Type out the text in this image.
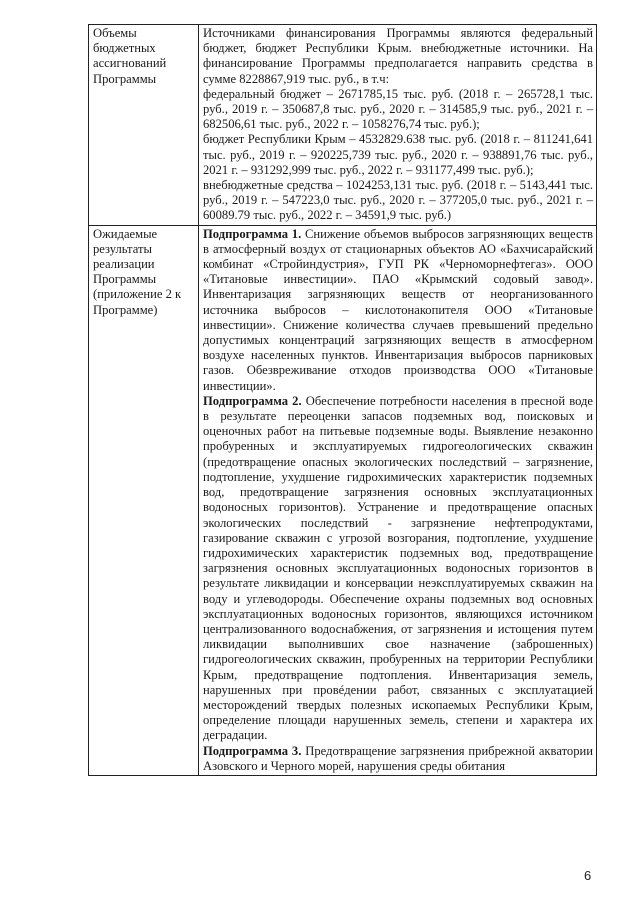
Объемы бюджетных ассигнований Программы	Источниками финансирования Программы являются федеральный бюджет, бюджет Республики Крым. внебюджетные источники. На финансирование Программы предполагается направить средства в сумме 8228867,919 тыс. руб., в т.ч:

федеральный бюджет – 2671785,15 тыс. руб. (2018 г. – 265728,1 тыс. руб., 2019 г. – 350687,8 тыс. руб., 2020 г. – 314585,9 тыс. руб., 2021 г. – 682506,61 тыс. руб., 2022 г. – 1058276,74 тыс. руб.);

бюджет Республики Крым – 4532829.638 тыс. руб. (2018 г. – 811241,641 тыс. руб., 2019 г. – 920225,739 тыс. руб., 2020 г. – 938891,76 тыс. руб., 2021 г. – 931292,999 тыс. руб., 2022 г. – 931177,499 тыс. руб.);

внебюджетные средства – 1024253,131 тыс. руб. (2018 г. – 5143,441 тыс. руб., 2019 г. – 547223,0 тыс. руб., 2020 г. – 377205,0 тыс. руб., 2021 г. – 60089.79 тыс. руб., 2022 г. – 34591,9 тыс. руб.)

Ожидаемые результаты реализации Программы (приложение 2 к Программе)	Подпрограмма 1. Снижение объемов выбросов загрязняющих веществ в атмосферный воздух от стационарных объектов АО «Бахчисарайский комбинат «Стройиндустрия», ГУП РК «Черноморнефтегаз». ООО «Титановые инвестиции». ПАО «Крымский содовый завод». Инвентаризация загрязняющих веществ от неорганизованного источника выбросов – кислотонакопителя ООО «Титановые инвестиции». Снижение количества случаев превышений предельно допустимых концентраций загрязняющих веществ в атмосферном воздухе населенных пунктов. Инвентаризация выбросов парниковых газов. Обезвреживание отходов производства ООО «Титановые инвестиции».

Подпрограмма 2. Обеспечение потребности населения в пресной воде в результате переоценки запасов подземных вод, поисковых и оценочных работ на питьевые подземные воды. Выявление незаконно пробуренных и эксплуатируемых гидрогеологических скважин (предотвращение опасных экологических последствий – загрязнение, подтопление, ухудшение гидрохимических характеристик подземных вод, предотвращение загрязнения основных эксплуатационных водоносных горизонтов). Устранение и предотвращение опасных экологических последствий - загрязнение нефтепродуктами, газирование скважин с угрозой возгорания, подтопление, ухудшение гидрохимических характеристик подземных вод, предотвращение загрязнения основных эксплуатационных водоносных горизонтов в результате ликвидации и консервации неэксплуатируемых скважин на воду и углеводороды. Обеспечение охраны подземных вод основных эксплуатационных водоносных горизонтов, являющихся источником централизованного водоснабжения, от загрязнения и истощения путем ликвидации выполнивших свое назначение (заброшенных) гидрогеологических скважин, пробуренных на территории Республики Крым, предотвращение подтопления. Инвентаризация земель, нарушенных при провéдении работ, связанных с эксплуатацией месторождений твердых полезных ископаемых Республики Крым, определение площади нарушенных земель, степени и характера их деградации.

Подпрограмма 3. Предотвращение загрязнения прибрежной акватории Азовского и Черного морей, нарушения среды обитания

6
